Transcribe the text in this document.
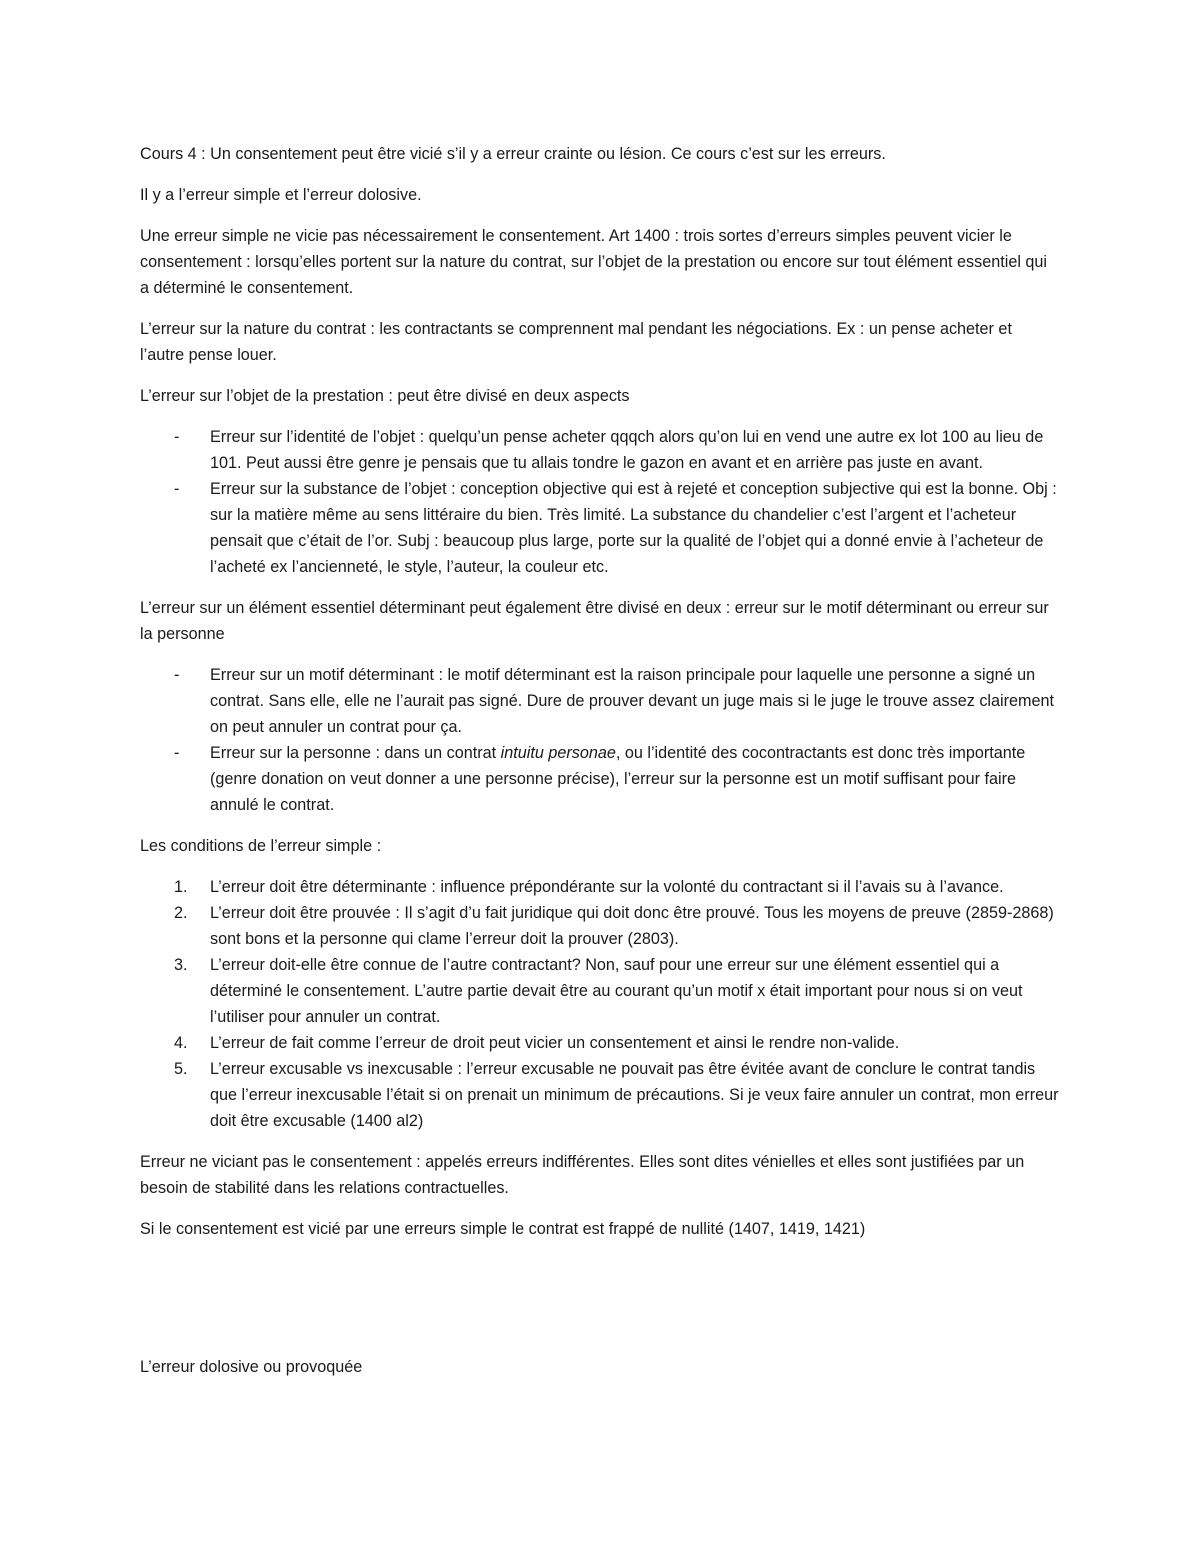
Cours 4 : Un consentement peut être vicié s’il y a erreur crainte ou lésion. Ce cours c’est sur les erreurs.

Il y a l’erreur simple et l’erreur dolosive.

Une erreur simple ne vicie pas nécessairement le consentement. Art 1400 : trois sortes d’erreurs simples peuvent vicier le consentement : lorsqu’elles portent sur la nature du contrat, sur l’objet de la prestation ou encore sur tout élément essentiel qui a déterminé le consentement.

L’erreur sur la nature du contrat : les contractants se comprennent mal pendant les négociations. Ex : un pense acheter et l’autre pense louer.

L’erreur sur l’objet de la prestation : peut être divisé en deux aspects

- Erreur sur l’identité de l’objet : quelqu’un pense acheter qqqch alors qu’on lui en vend une autre ex lot 100 au lieu de 101. Peut aussi être genre je pensais que tu allais tondre le gazon en avant et en arrière pas juste en avant.
- Erreur sur la substance de l’objet : conception objective qui est à rejeté et conception subjective qui est la bonne. Obj : sur la matière même au sens littéraire du bien. Très limité. La substance du chandelier c’est l’argent et l’acheteur pensait que c’était de l’or. Subj : beaucoup plus large, porte sur la qualité de l’objet qui a donné envie à l’acheteur de l’acheté ex l’ancienneté, le style, l’auteur, la couleur etc.

L’erreur sur un élément essentiel déterminant peut également être divisé en deux : erreur sur le motif déterminant ou erreur sur la personne

- Erreur sur un motif déterminant : le motif déterminant est la raison principale pour laquelle une personne a signé un contrat. Sans elle, elle ne l’aurait pas signé. Dure de prouver devant un juge mais si le juge le trouve assez clairement on peut annuler un contrat pour ça.
- Erreur sur la personne : dans un contrat intuitu personae, ou l’identité des cocontractants est donc très importante (genre donation on veut donner a une personne précise), l’erreur sur la personne est un motif suffisant pour faire annulé le contrat.

Les conditions de l’erreur simple :

1. L’erreur doit être déterminante : influence prépondérante sur la volonté du contractant si il l’avais su à l’avance.
2. L’erreur doit être prouvée : Il s’agit d’u fait juridique qui doit donc être prouvé. Tous les moyens de preuve (2859-2868) sont bons et la personne qui clame l’erreur doit la prouver (2803).
3. L’erreur doit-elle être connue de l’autre contractant? Non, sauf pour une erreur sur une élément essentiel qui a déterminé le consentement. L’autre partie devait être au courant qu’un motif x était important pour nous si on veut l’utiliser pour annuler un contrat.
4. L’erreur de fait comme l’erreur de droit peut vicier un consentement et ainsi le rendre non-valide.
5. L’erreur excusable vs inexcusable : l’erreur excusable ne pouvait pas être évitée avant de conclure le contrat tandis que l’erreur inexcusable l’était si on prenait un minimum de précautions. Si je veux faire annuler un contrat, mon erreur doit être excusable (1400 al2)

Erreur ne viciant pas le consentement : appelés erreurs indifférentes. Elles sont dites vénielles et elles sont justifiées par un besoin de stabilité dans les relations contractuelles.

Si le consentement est vicié par une erreurs simple le contrat est frappé de nullité (1407, 1419, 1421)

L’erreur dolosive ou provoquée
